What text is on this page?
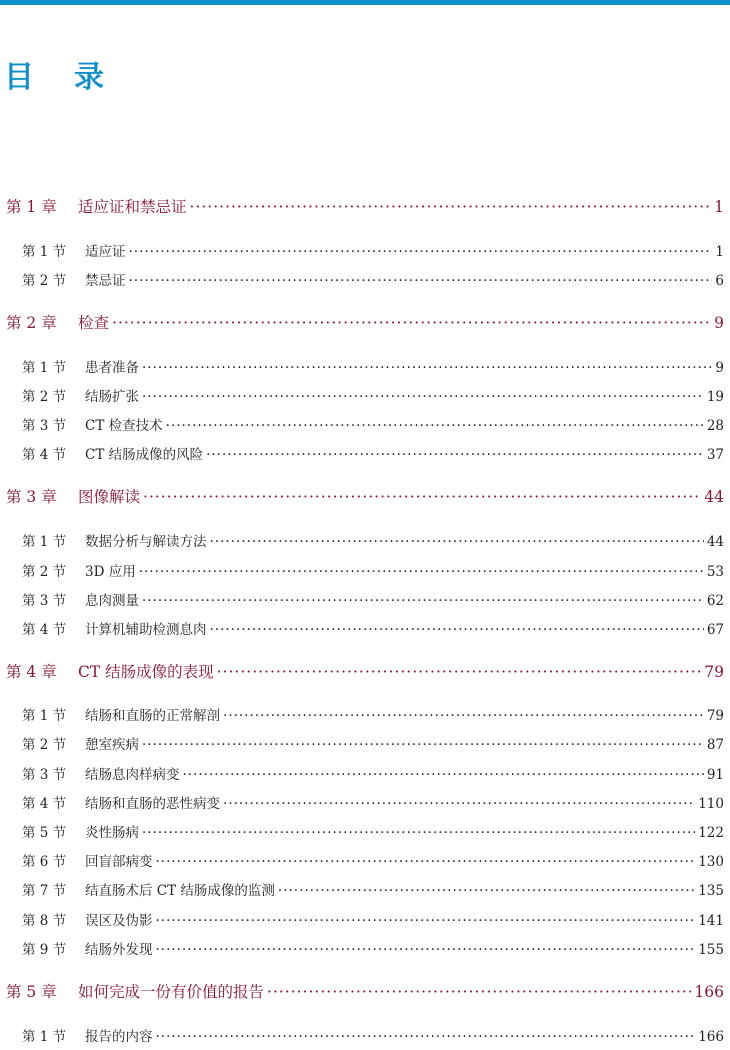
目 录
第 1 章	适应证和禁忌证 ·····	1
第 1 节	适应证 ·····	1
第 2 节	禁忌证 ·····	6
第 2 章	检查 ·····	9
第 1 节	患者准备 ·····	9
第 2 节	结肠扩张 ·····	19
第 3 节	CT 检查技术 ·····	28
第 4 节	CT 结肠成像的风险 ·····	37
第 3 章	图像解读 ·····	44
第 1 节	数据分析与解读方法 ·····	44
第 2 节	3D 应用 ·····	53
第 3 节	息肉测量 ·····	62
第 4 节	计算机辅助检测息肉 ·····	67
第 4 章	CT 结肠成像的表现 ·····	79
第 1 节	结肠和直肠的正常解剖 ·····	79
第 2 节	憩室疾病 ·····	87
第 3 节	结肠息肉样病变 ·····	91
第 4 节	结肠和直肠的恶性病变 ·····	110
第 5 节	炎性肠病 ·····	122
第 6 节	回盲部病变 ·····	130
第 7 节	结直肠术后 CT 结肠成像的监测 ·····	135
第 8 节	误区及伪影 ·····	141
第 9 节	结肠外发现 ·····	155
第 5 章	如何完成一份有价值的报告 ·····	166
第 1 节	报告的内容 ·····	166
